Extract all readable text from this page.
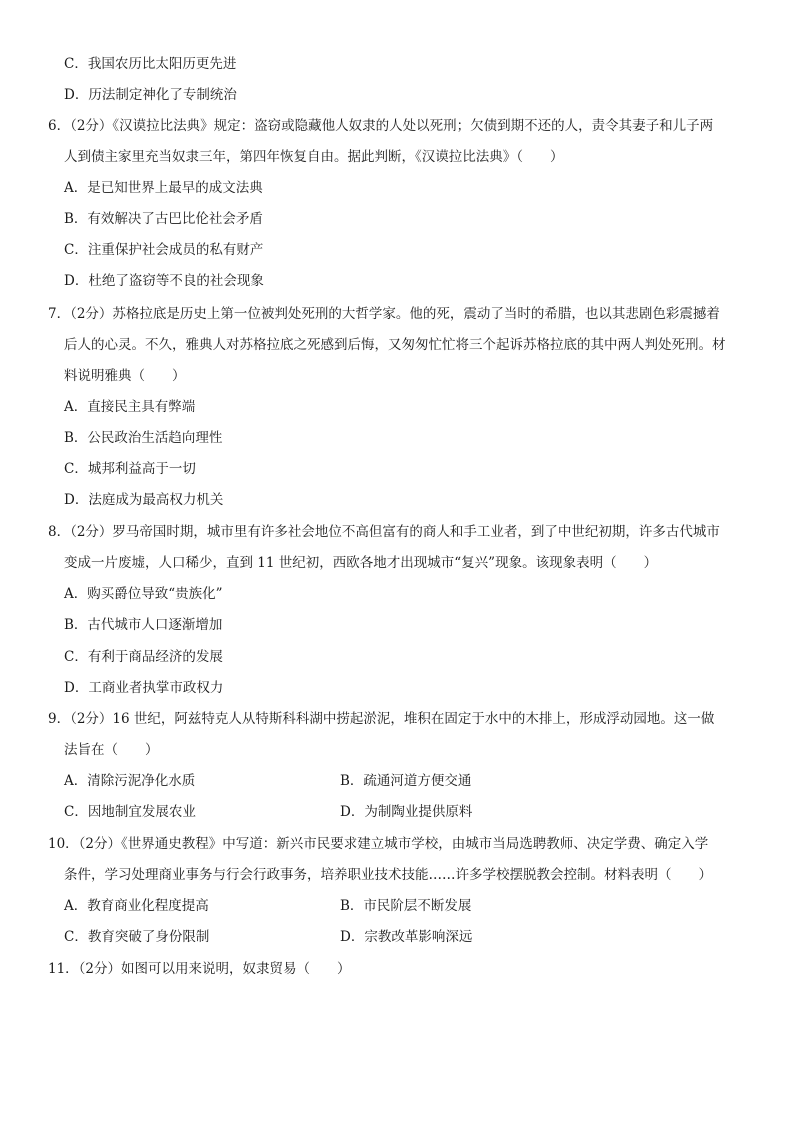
C．我国农历比太阳历更先进
D．历法制定神化了专制统治
6．（2分）《汉谟拉比法典》规定：盗窃或隐藏他人奴隶的人处以死刑；欠债到期不还的人，责令其妻子和儿子两
人到债主家里充当奴隶三年，第四年恢复自由。据此判断，《汉谟拉比法典》（　　）
A．是已知世界上最早的成文法典
B．有效解决了古巴比伦社会矛盾
C．注重保护社会成员的私有财产
D．杜绝了盗窃等不良的社会现象
7．（2分）苏格拉底是历史上第一位被判处死刑的大哲学家。他的死，震动了当时的希腊，也以其悲剧色彩震撼着
后人的心灵。不久，雅典人对苏格拉底之死感到后悔，又匆匆忙忙将三个起诉苏格拉底的其中两人判处死刑。材
料说明雅典（　　）
A．直接民主具有弊端
B．公民政治生活趋向理性
C．城邦利益高于一切
D．法庭成为最高权力机关
8．（2分）罗马帝国时期，城市里有许多社会地位不高但富有的商人和手工业者，到了中世纪初期，许多古代城市
变成一片废墟，人口稀少，直到 11 世纪初，西欧各地才出现城市“复兴”现象。该现象表明（　　）
A．购买爵位导致“贵族化”
B．古代城市人口逐渐增加
C．有利于商品经济的发展
D．工商业者执掌市政权力
9．（2分）16 世纪，阿兹特克人从特斯科科湖中捞起淤泥，堆积在固定于水中的木排上，形成浮动园地。这一做
法旨在（　　）
A．清除污泥净化水质	B．疏通河道方便交通
C．因地制宜发展农业	D．为制陶业提供原料
10．（2分）《世界通史教程》中写道：新兴市民要求建立城市学校，由城市当局选聘教师、决定学费、确定入学
条件，学习处理商业事务与行会行政事务，培养职业技术技能……许多学校摆脱教会控制。材料表明（　　）
A．教育商业化程度提高	B．市民阶层不断发展
C．教育突破了身份限制	D．宗教改革影响深远
11．（2分）如图可以用来说明，奴隶贸易（　　）
